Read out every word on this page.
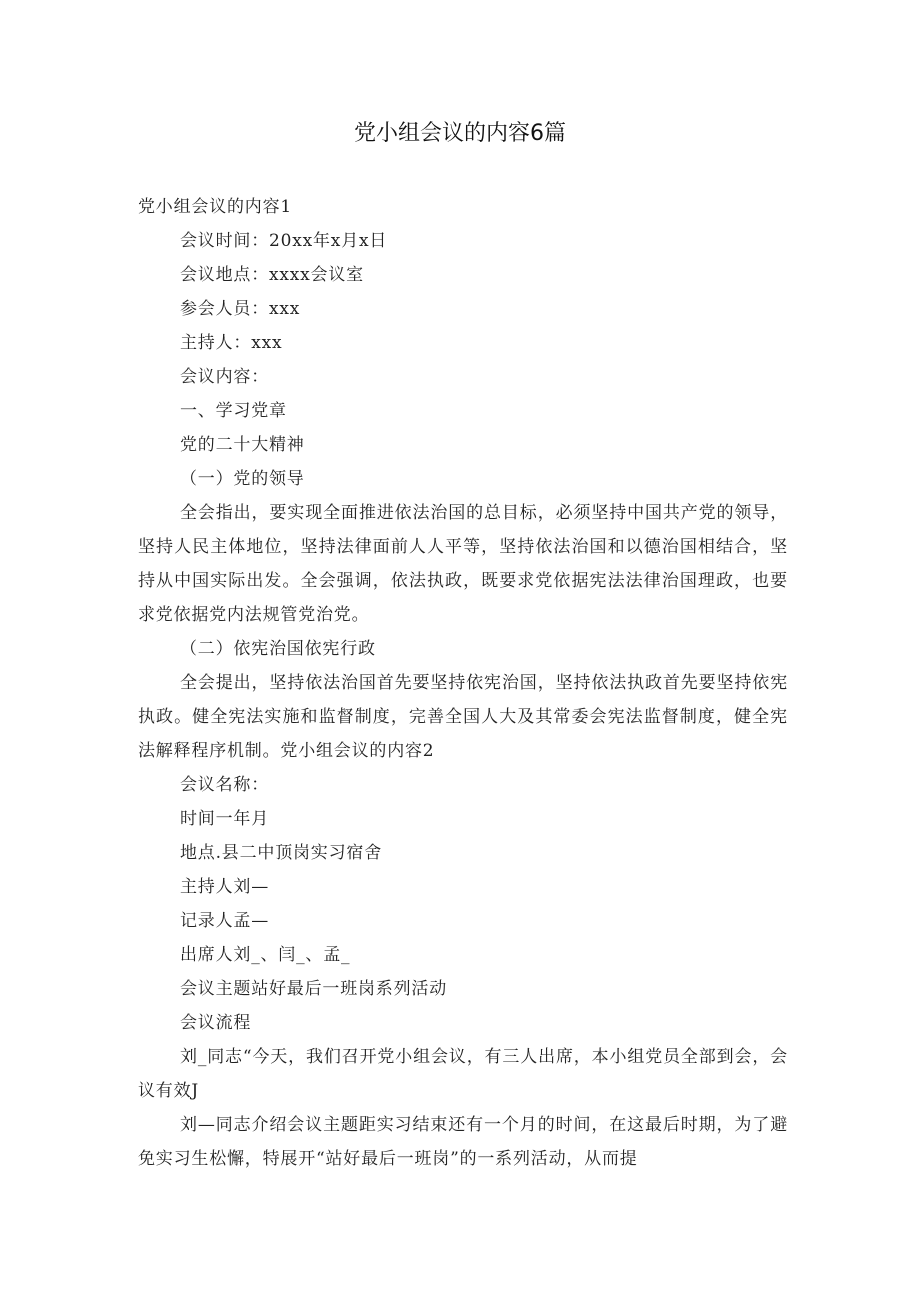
党小组会议的内容6篇

党小组会议的内容1

会议时间：20xx年x月x日

会议地点：xxxx会议室

参会人员：xxx

主持人：xxx

会议内容：

一、学习党章

党的二十大精神

（一）党的领导

全会指出，要实现全面推进依法治国的总目标，必须坚持中国共产党的领导，坚持人民主体地位，坚持法律面前人人平等，坚持依法治国和以德治国相结合，坚持从中国实际出发。全会强调，依法执政，既要求党依据宪法法律治国理政，也要求党依据党内法规管党治党。

（二）依宪治国依宪行政

全会提出，坚持依法治国首先要坚持依宪治国，坚持依法执政首先要坚持依宪执政。健全宪法实施和监督制度，完善全国人大及其常委会宪法监督制度，健全宪法解释程序机制。党小组会议的内容2

会议名称：

时间一年月

地点.县二中顶岗实习宿舍

主持人刘—

记录人孟—

出席人刘_、闫_、孟_

会议主题站好最后一班岗系列活动

会议流程

刘_同志“今天，我们召开党小组会议，有三人出席，本小组党员全部到会，会议有效J

刘—同志介绍会议主题距实习结束还有一个月的时间，在这最后时期，为了避免实习生松懈，特展开“站好最后一班岗”的一系列活动，从而提
